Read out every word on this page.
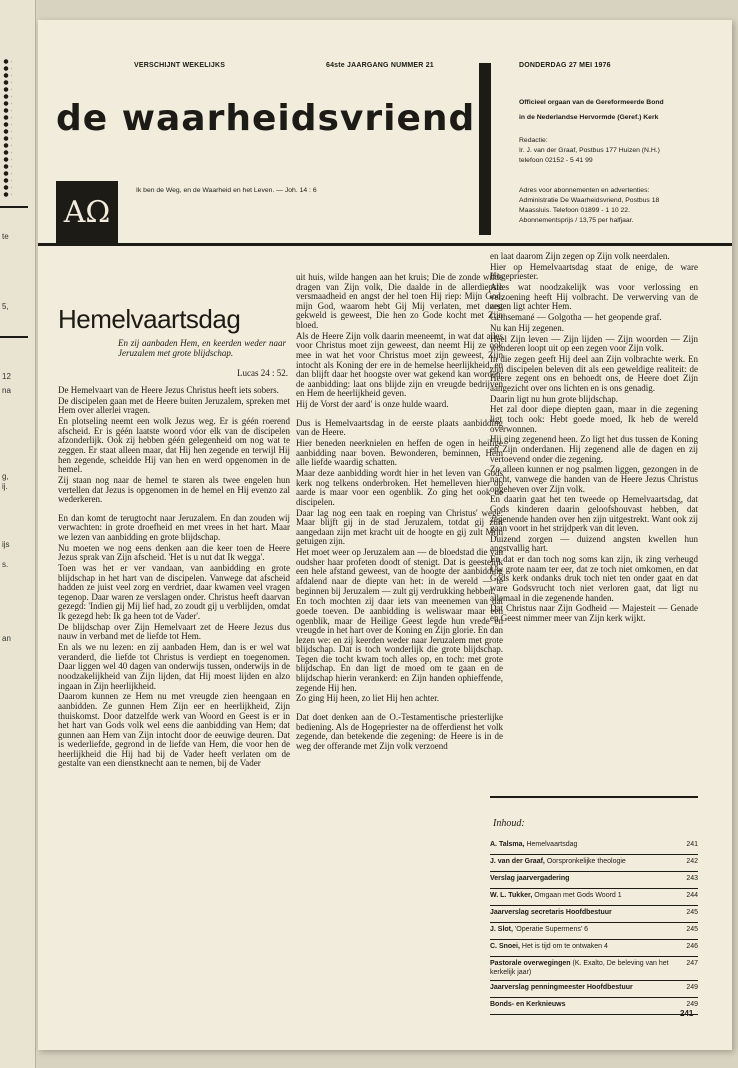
te
5,
12
na
g,
ij.
ijs
s.
an
VERSCHIJNT WEKELIJKS	64ste JAARGANG NUMMER 21	DONDERDAG 27 MEI 1976
de waarheidsvriend
AΩ
Ik ben de Weg, en de Waarheid en het Leven. — Joh. 14 : 6
Officieel orgaan van de Gereformeerde Bond
in de Nederlandse Hervormde (Geref.) Kerk
Redactie:
Ir. J. van der Graaf, Postbus 177 Huizen (N.H.)
telefoon 02152 - 5 41 99
Adres voor abonnementen en advertenties:
Administratie De Waarheidsvriend, Postbus 18
Maassluis. Telefoon 01899 - 1 10 22.
Abonnementsprijs / 13,75 per halfjaar.
Hemelvaartsdag
En zij aanbaden Hem, en keerden weder naar Jeruzalem met grote blijdschap.
Lucas 24 : 52.

De Hemelvaart van de Heere Jezus Christus heeft iets sobers.

De discipelen gaan met de Heere buiten Jeruzalem, spreken met Hem over allerlei vragen.

En plotseling neemt een wolk Jezus weg. Er is géén roerend afscheid. Er is géén laatste woord vóor elk van de discipelen afzonderlijk. Ook zij hebben géén gelegenheid om nog wat te zeggen. Er staat alleen maar, dat Hij hen zegende en terwijl Hij hen zegende, scheidde Hij van hen en werd opgenomen in de hemel.

Zij staan nog naar de hemel te staren als twee engelen hun vertellen dat Jezus is opgenomen in de hemel en Hij evenzo zal wederkeren.

En dan komt de terugtocht naar Jeruzalem. En dan zouden wij verwachten: in grote droefheid en met vrees in het hart. Maar we lezen van aanbidding en grote blijdschap.

Nu moeten we nog eens denken aan die keer toen de Heere Jezus sprak van Zijn afscheid. 'Het is u nut dat Ik wegga'.

Toen was het er ver vandaan, van aanbidding en grote blijdschap in het hart van de discipelen. Vanwege dat afscheid hadden ze juist veel zorg en verdriet, daar kwamen veel vragen tegenop. Daar waren ze verslagen onder. Christus heeft daarvan gezegd: 'Indien gij Mij lief had, zo zoudt gij u verblijden, omdat Ik gezegd heb: Ik ga heen tot de Vader'.

De blijdschap over Zijn Hemelvaart zet de Heere Jezus dus nauw in verband met de liefde tot Hem.

En als we nu lezen: en zij aanbaden Hem, dan is er wel wat veranderd, die liefde tot Christus is verdiept en toegenomen. Daar liggen wel 40 dagen van onderwijs tussen, onderwijs in de noodzakelijkheid van Zijn lijden, dat Hij moest lijden en alzo ingaan in Zijn heerlijkheid.

Daarom kunnen ze Hem nu met vreugde zien heengaan en aanbidden. Ze gunnen Hem Zijn eer en heerlijkheid, Zijn thuiskomst. Door datzelfde werk van Woord en Geest is er in het hart van Gods volk wel eens die aanbidding van Hem; dat gunnen aan Hem van Zijn intocht door de eeuwige deuren. Dat is wederliefde, gegrond in de liefde van Hem, die voor hen de heerlijkheid die Hij had bij de Vader heeft verlaten om de gestalte van een dienstknecht aan te nemen, bij de Vader

uit huis, wilde hangen aan het kruis; Die de zonde wilde dragen van Zijn volk, Die daalde in de allerdiepste versmaadheid en angst der hel toen Hij riep: Mijn God, mijn God, waarom hebt Gij Mij verlaten, met dorst gekweld is geweest, Die hen zo Gode kocht met Zijn bloed.

Als de Heere Zijn volk daarin meeneemt, in wat dat alles voor Christus moet zijn geweest, dan neemt Hij ze ook mee in wat het voor Christus moet zijn geweest, Zijn intocht als Koning der ere in de hemelse heerlijkheid, en dan blijft daar het hoogste over wat gekend kan worden: de aanbidding: laat ons blijde zijn en vreugde bedrijven en Hem de heerlijkheid geven.

Hij de Vorst der aard' is onze hulde waard.

Dus is Hemelvaartsdag in de eerste plaats aanbidding van de Heere.

Hier beneden neerknielen en heffen de ogen in heilige aanbidding naar boven. Bewonderen, beminnen, Hem alle liefde waardig schatten.

Maar deze aanbidding wordt hier in het leven van Gods kerk nog telkens onderbroken. Het hemelleven hier op aarde is maar voor een ogenblik. Zo ging het ook de discipelen.

Daar lag nog een taak en roeping van Christus' wege: Maar blijft gij in de stad Jeruzalem, totdat gij zult aangedaan zijn met kracht uit de hoogte en gij zult Mijn getuigen zijn.

Het moet weer op Jeruzalem aan — de bloedstad die van oudsher haar profeten doodt of stenigt. Dat is geestelijk een hele afstand geweest, van de hoogte der aanbidding afdalend naar de diepte van het: in de wereld — te beginnen bij Jeruzalem — zult gij verdrukking hebben.

En toch mochten zij daar iets van meenemen van dat goede toeven. De aanbidding is weliswaar maar een ogenblik, maar de Heilige Geest legde hun vrede en vreugde in het hart over de Koning en Zijn glorie. En dan lezen we: en zij keerden weder naar Jeruzalem met grote blijdschap. Dat is toch wonderlijk die grote blijdschap. Tegen die tocht kwam toch alles op, en toch: met grote blijdschap. En dan ligt de moed om te gaan en de blijdschap hierin verankerd: en Zijn handen ophieffende, zegende Hij hen.

Zo ging Hij heen, zo liet Hij hen achter.

Dat doet denken aan de O.-Testamentische priesterlijke bediening. Als de Hogepriester na de offerdienst het volk zegende, dan betekende die zegening: de Heere is in de weg der offerande met Zijn volk verzoend

en laat daarom Zijn zegen op Zijn volk neerdalen.

Hier op Hemelvaartsdag staat de enige, de ware Hogepriester.

Alles wat noodzakelijk was voor verlossing en verzoening heeft Hij volbracht. De verwerving van de zegen ligt achter Hem.

Gethsemané — Golgotha — het geopende graf.

Nu kan Hij zegenen.

Heel Zijn leven — Zijn lijden — Zijn woorden — Zijn wonderen loopt uit op een zegen voor Zijn volk.

In die zegen geeft Hij deel aan Zijn volbrachte werk. En zijn discipelen beleven dit als een geweldige realiteit: de Heere zegent ons en behoedt ons, de Heere doet Zijn aangezicht over ons lichten en is ons genadig.

Daarin ligt nu hun grote blijdschap.

Het zal door diepe diepten gaan, maar in die zegening ligt toch ook: Hebt goede moed, Ik heb de wereld overwonnen.

Hij ging zegenend heen. Zo ligt het dus tussen de Koning en Zijn onderdanen. Hij zegenend alle de dagen en zij vertoevend onder die zegening.

Zo alleen kunnen er nog psalmen liggen, gezongen in de nacht, vanwege die handen van de Heere Jezus Christus opgeheven over Zijn volk.

En daarin gaat het ten tweede op Hemelvaartsdag, dat Gods kinderen daarin geloofshouvast hebben, dat zegenende handen over hen zijn uitgestrekt. Want ook zij gaan voort in het strijdperk van dit leven.

Duizend zorgen — duizend angsten kwellen hun angstvallig hart.

En dat er dan toch nog soms kan zijn, ik zing verheugd Uw grote naam ter eer, dat ze toch niet omkomen, en dat Gods kerk ondanks druk toch niet ten onder gaat en dat ware Godsvrucht toch niet verloren gaat, dat ligt nu allemaal in die zegenende handen.

Dat Christus naar Zijn Godheid — Majesteit — Genade en Geest nimmer meer van Zijn kerk wijkt.

Inhoud:
A. Talsma, Hemelvaartsdag	241
J. van der Graaf, Oorspronkelijke theologie	242
Verslag jaarvergadering	243
W. L. Tukker, Omgaan met Gods Woord 1	244
Jaarverslag secretaris Hoofdbestuur	245
J. Slot, 'Operatie Supermens' 6	245
C. Snoei, Het is tijd om te ontwaken 4	246
Pastorale overwegingen (K. Exalto, De beleving van het kerkelijk jaar)
247
Jaarverslag penningmeester Hoofdbestuur	249
Bonds- en Kerknieuws	249
241
